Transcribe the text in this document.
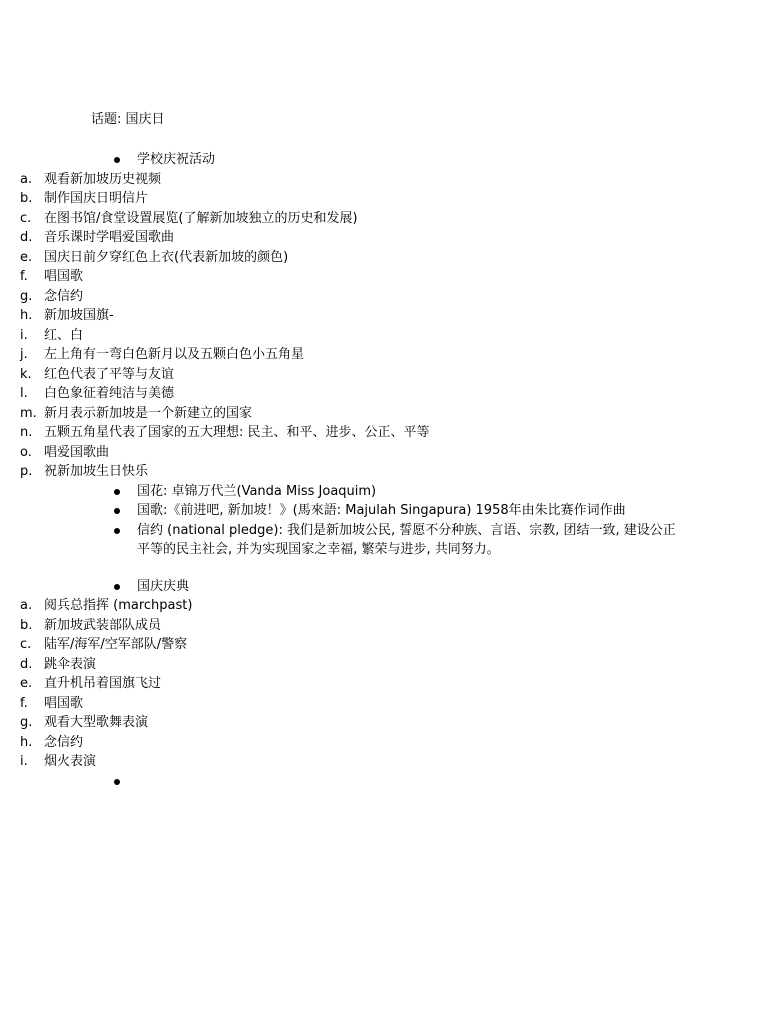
话题: 国庆日
学校庆祝活动
a. 观看新加坡历史视频
b. 制作国庆日明信片
c. 在图书馆/食堂设置展览(了解新加坡独立的历史和发展)
d. 音乐课时学唱爱国歌曲
e. 国庆日前夕穿红色上衣(代表新加坡的颜色)
f. 唱国歌
g. 念信约
h. 新加坡国旗-
i. 红、白
j. 左上角有一弯白色新月以及五颗白色小五角星
k. 红色代表了平等与友谊
l. 白色象征着纯洁与美德
m. 新月表示新加坡是一个新建立的国家
n. 五颗五角星代表了国家的五大理想: 民主、和平、进步、公正、平等
o. 唱爱国歌曲
p. 祝新加坡生日快乐
国花: 卓锦万代兰(Vanda Miss Joaquim)
国歌:《前进吧, 新加坡！》(馬來語: Majulah Singapura) 1958年由朱比赛作词作曲
信约 (national pledge): 我们是新加坡公民, 誓愿不分种族、言语、宗教, 团结一致, 建设公正平等的民主社会, 并为实现国家之幸福, 繁荣与进步, 共同努力。
国庆庆典
a. 阅兵总指挥 (marchpast)
b. 新加坡武装部队成员
c. 陆军/海军/空军部队/警察
d. 跳伞表演
e. 直升机吊着国旗飞过
f. 唱国歌
g. 观看大型歌舞表演
h. 念信约
i. 烟火表演
